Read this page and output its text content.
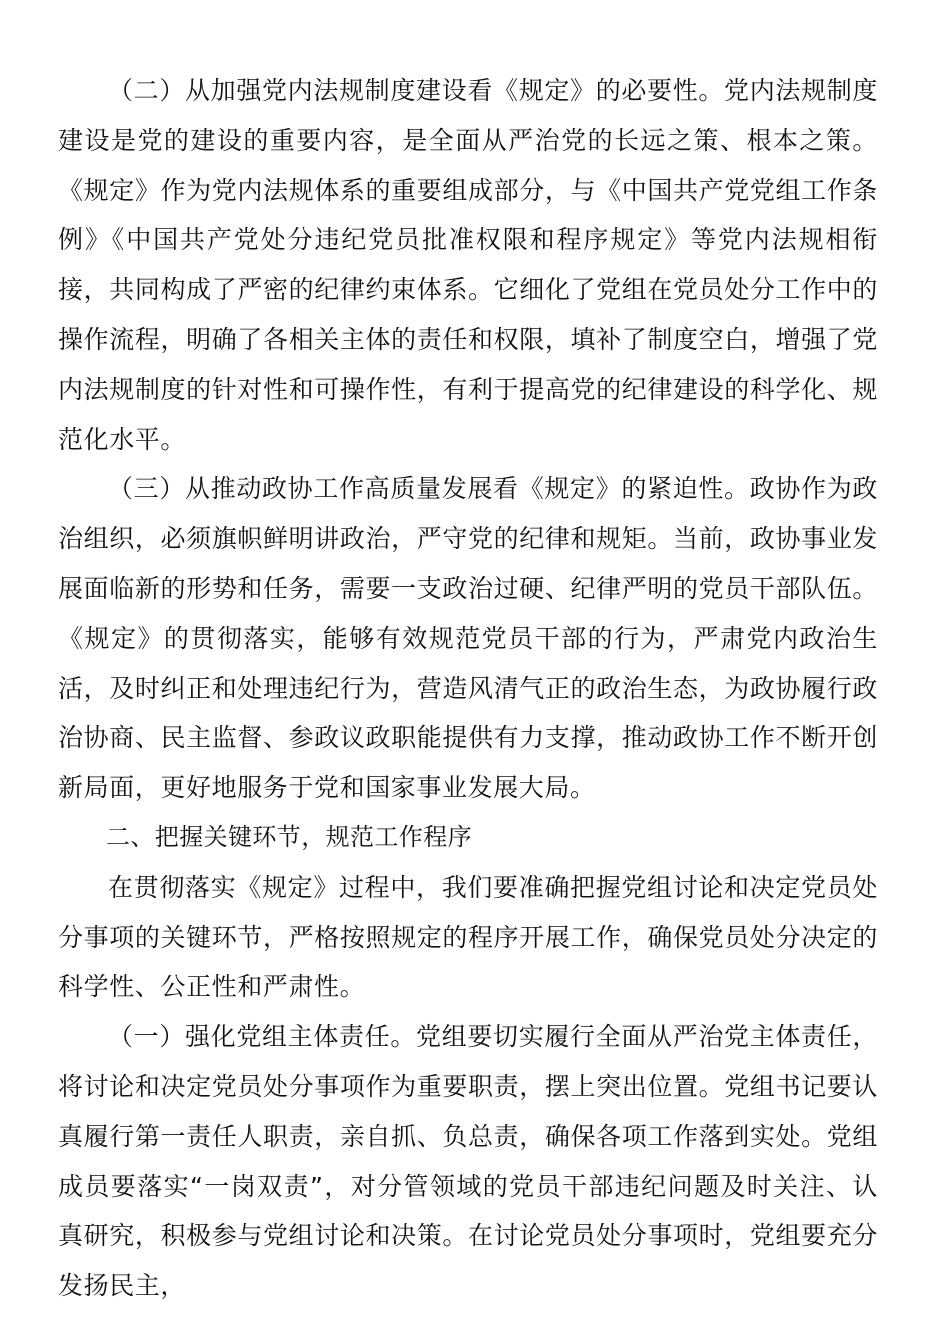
（二）从加强党内法规制度建设看《规定》的必要性。党内法规制度建设是党的建设的重要内容，是全面从严治党的长远之策、根本之策。《规定》作为党内法规体系的重要组成部分，与《中国共产党党组工作条例》《中国共产党处分违纪党员批准权限和程序规定》等党内法规相衔接，共同构成了严密的纪律约束体系。它细化了党组在党员处分工作中的操作流程，明确了各相关主体的责任和权限，填补了制度空白，增强了党内法规制度的针对性和可操作性，有利于提高党的纪律建设的科学化、规范化水平。

（三）从推动政协工作高质量发展看《规定》的紧迫性。政协作为政治组织，必须旗帜鲜明讲政治，严守党的纪律和规矩。当前，政协事业发展面临新的形势和任务，需要一支政治过硬、纪律严明的党员干部队伍。《规定》的贯彻落实，能够有效规范党员干部的行为，严肃党内政治生活，及时纠正和处理违纪行为，营造风清气正的政治生态，为政协履行政治协商、民主监督、参政议政职能提供有力支撑，推动政协工作不断开创新局面，更好地服务于党和国家事业发展大局。

二、把握关键环节，规范工作程序

在贯彻落实《规定》过程中，我们要准确把握党组讨论和决定党员处分事项的关键环节，严格按照规定的程序开展工作，确保党员处分决定的科学性、公正性和严肃性。

（一）强化党组主体责任。党组要切实履行全面从严治党主体责任，将讨论和决定党员处分事项作为重要职责，摆上突出位置。党组书记要认真履行第一责任人职责，亲自抓、负总责，确保各项工作落到实处。党组成员要落实“一岗双责”，对分管领域的党员干部违纪问题及时关注、认真研究，积极参与党组讨论和决策。在讨论党员处分事项时，党组要充分发扬民主，
